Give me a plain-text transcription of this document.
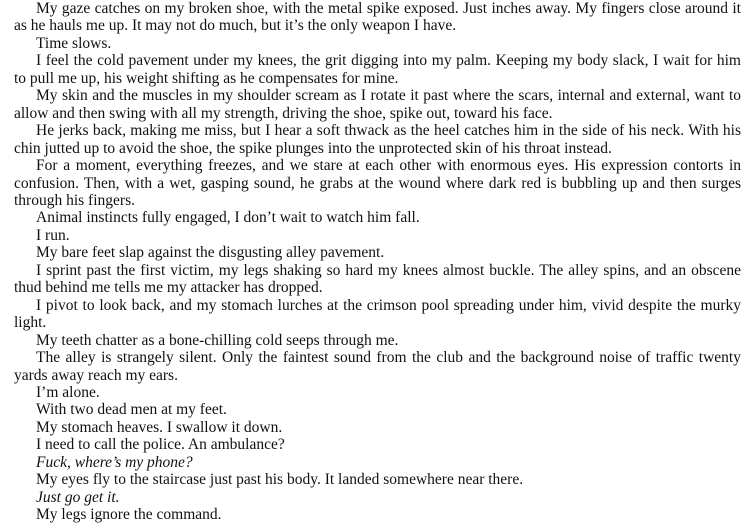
My gaze catches on my broken shoe, with the metal spike exposed. Just inches away. My fingers close around it as he hauls me up. It may not do much, but it’s the only weapon I have.

Time slows.

I feel the cold pavement under my knees, the grit digging into my palm. Keeping my body slack, I wait for him to pull me up, his weight shifting as he compensates for mine.

My skin and the muscles in my shoulder scream as I rotate it past where the scars, internal and external, want to allow and then swing with all my strength, driving the shoe, spike out, toward his face.

He jerks back, making me miss, but I hear a soft thwack as the heel catches him in the side of his neck. With his chin jutted up to avoid the shoe, the spike plunges into the unprotected skin of his throat instead.

For a moment, everything freezes, and we stare at each other with enormous eyes. His expression contorts in confusion. Then, with a wet, gasping sound, he grabs at the wound where dark red is bubbling up and then surges through his fingers.

Animal instincts fully engaged, I don’t wait to watch him fall.

I run.

My bare feet slap against the disgusting alley pavement.

I sprint past the first victim, my legs shaking so hard my knees almost buckle. The alley spins, and an obscene thud behind me tells me my attacker has dropped.

I pivot to look back, and my stomach lurches at the crimson pool spreading under him, vivid despite the murky light.

My teeth chatter as a bone-chilling cold seeps through me.

The alley is strangely silent. Only the faintest sound from the club and the background noise of traffic twenty yards away reach my ears.

I’m alone.

With two dead men at my feet.

My stomach heaves. I swallow it down.

I need to call the police. An ambulance?

Fuck, where’s my phone?

My eyes fly to the staircase just past his body. It landed somewhere near there.

Just go get it.

My legs ignore the command.
